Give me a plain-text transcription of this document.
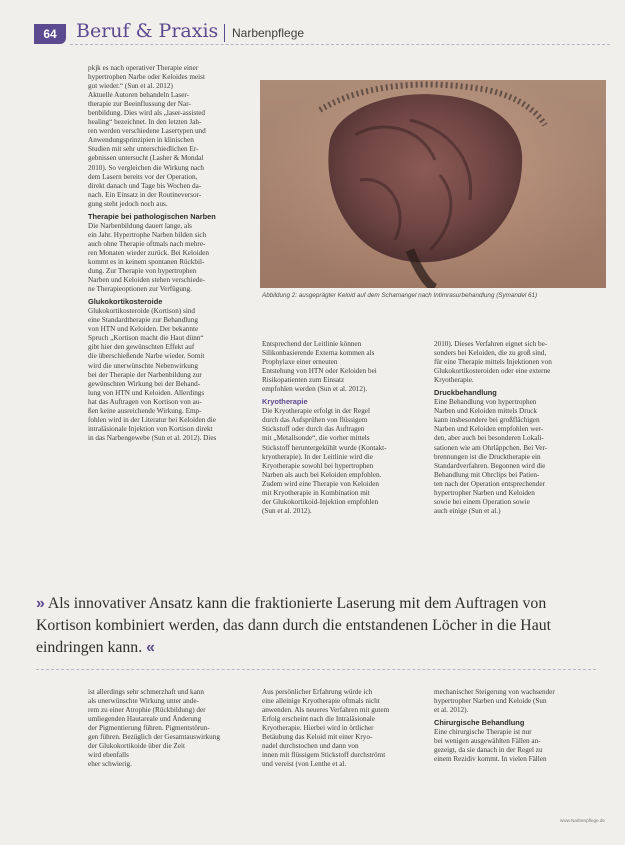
64	Beruf & Praxis Narbenpflege

pkjk es nach operativer Therapie einer

hypertrophen Narbe oder Keloides meist

gut wieder.“ (Sun et al. 2012)

Aktuelle Autoren behandeln Laser-

therapie zur Beeinflussung der Nar-

benbildung. Dies wird als „laser-assisted

healing“ bezeichnet. In den letzten Jah-

ren werden verschiedene Lasertypen und

Anwendungsprinzipien in klinischen

Studien mit sehr unterschiedlichen Er-

gebnissen untersucht (Lasher & Mondal

2010). So vergleichen die Wirkung nach

dem Lasern bereits vor der Operation,

direkt danach und Tage bis Wochen da-

nach. Ein Einsatz in der Routineversor-

gung steht jedoch noch aus.

Therapie bei pathologischen Narben

Die Narbenbildung dauert lange, als

ein Jahr. Hypertrophe Narben bilden sich

auch ohne Therapie oftmals nach mehre-

ren Monaten wieder zurück. Bei Keloiden

kommt es in keinem spontanen Rückbil-

dung. Zur Therapie von hypertrophen

Narben und Keloiden stehen verschiede-

ne Therapieoptionen zur Verfügung.

Glukokortikosteroide

Glukokortikosteroide (Kortison) sind

eine Standardtherapie zur Behandlung

von HTN und Keloiden. Der bekannte

Spruch „Kortison macht die Haut dünn“

gibt hier den gewünschten Effekt auf

die überschießende Narbe wieder. Somit

wird die unerwünschte Nebenwirkung

bei der Therapie der Narbenbildung zur

gewünschten Wirkung bei der Behand-

lung von HTN und Keloiden. Allerdings

hat das Auftragen von Kortison von au-

ßen keine ausreichende Wirkung. Emp-

fohlen wird in der Literatur bei Keloiden die

intraläsionale Injektion von Kortison direkt

in das Narbengewebe (Sun et al. 2012). Dies

Abbildung 2: ausgeprägter Keloid auf dem Schamangel nach Intimrasurbehandlung (Symandel 61)

Entsprechend der Leitlinie können

Silikonbasierende Externa kommen als

Prophylaxe einer erneuten

Entstehung von HTN oder Keloiden bei

Risikopatienten zum Einsatz

empfohlen werden (Sun et al. 2012).

Kryotherapie

Die Kryotherapie erfolgt in der Regel

durch das Aufsprühen von flüssigem

Stickstoff oder durch das Auftragen

mit „Metallsonde“, die vorher mittels

Stickstoff heruntergekühlt wurde (Kontakt-

kryotherapie). In der Leitlinie wird die

Kryotherapie sowohl bei hypertrophen

Narben als auch bei Keloiden empfohlen.

Zudem wird eine Therapie von Keloiden

mit Kryotherapie in Kombination mit

der Glukokortikoid-Injektion empfohlen

(Sun et al. 2012).

2010). Dieses Verfahren eignet sich be-

sonders bei Keloiden, die zu groß sind,

für eine Therapie mittels Injektionen von

Glukokortikosteroiden oder eine externe

Kryotherapie.

Druckbehandlung

Eine Behandlung von hypertrophen

Narben und Keloiden mittels Druck

kann insbesondere bei großflächigen

Narben und Keloiden empfohlen wer-

den, aber auch bei besonderen Lokali-

sationen wie am Ohrläppchen. Bei Ver-

brennungen ist die Drucktherapie ein

Standardverfahren. Begonnen wird die

Behandlung mit Ohrclips bei Patien-

ten nach der Operation entsprechender

hypertropher Narben und Keloiden

sowie bei einem Operation sowie

auch einige (Sun et al.)

» Als innovativer Ansatz kann die fraktionierte Laserung mit dem Auftragen von Kortison kombiniert werden, das dann durch die entstandenen Löcher in die Haut eindringen kann. «

ist allerdings sehr schmerzhaft und kann

als unerwünschte Wirkung unter ande-

rem zu einer Atrophie (Rückbildung) der

umliegenden Hautareale und Änderung

der Pigmentierung führen. Pigmentstörun-

gen führen. Bezüglich der Gesamtauswirkung

der Glukokortikoide über die Zeit

wird ebenfalls

eher schwierig.

Aus persönlicher Erfahrung würde ich

eine alleinige Kryotherapie oftmals nicht

anwenden. Als neueres Verfahren mit gutem

Erfolg erscheint nach die Intraläsionale

Kryotherapie. Hierbei wird in örtlicher

Betäubung das Keloid mit einer Kryo-

nadel durchstochen und dann von

innen mit flüssigem Stickstoff durchströmt

und vereist (von Lenthe et al.

mechanischer Steigerung von wachsender

hypertropher Narben und Keloide (Sun

et al. 2012).

Chirurgische Behandlung

Eine chirurgische Therapie ist nur

bei wenigen ausgewählten Fällen an-

gezeigt, da sie danach in der Regel zu

einem Rezidiv kommt. In vielen Fällen

www.Narbenpflege.de
